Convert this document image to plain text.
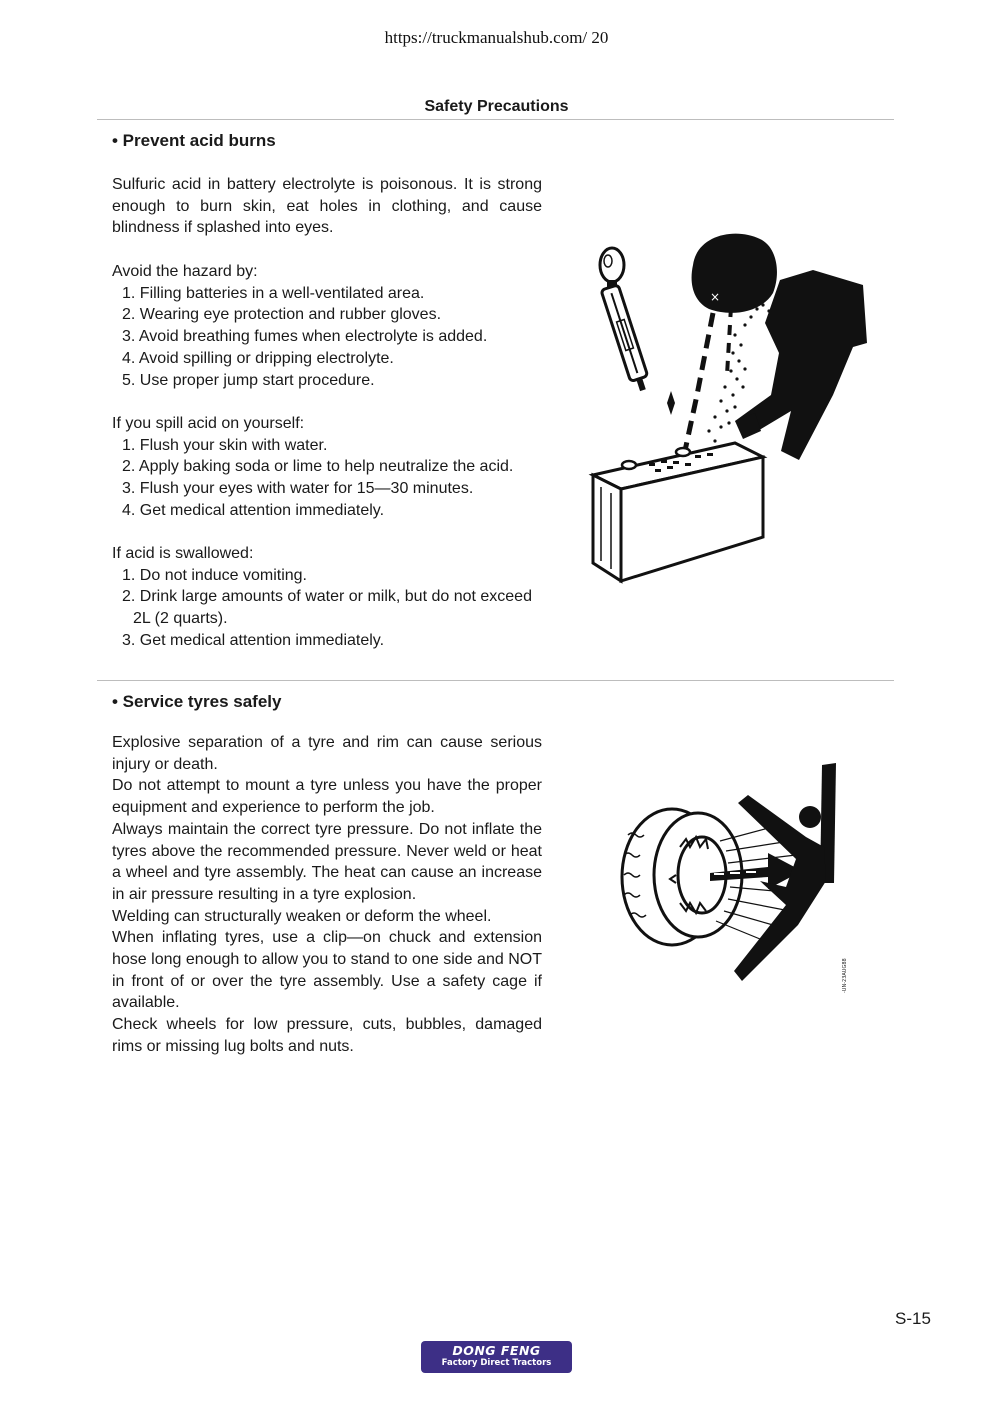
https://truckmanualshub.com/ 20
Safety Precautions
• Prevent acid burns

Sulfuric acid in battery electrolyte is poisonous. It is strong enough to burn skin, eat holes in clothing, and cause blindness if splashed into eyes.

Avoid the hazard by:
1. Filling batteries in a well-ventilated area.
2. Wearing eye protection and rubber gloves.
3. Avoid breathing fumes when electrolyte is added.
4. Avoid spilling or dripping electrolyte.
5. Use proper jump start procedure.
If you spill acid on yourself:
1. Flush your skin with water.
2. Apply baking soda or lime to help neutralize the acid.
3. Flush your eyes with water for 15—30 minutes.
4. Get medical attention immediately.
If acid is swallowed:
1. Do not induce vomiting.
2. Drink large amounts of water or milk, but do not exceed 2L (2 quarts).
3. Get medical attention immediately.
×
• Service tyres safely

Explosive separation of a tyre and rim can cause serious injury or death.
Do not attempt to mount a tyre unless you have the proper equipment and experience to perform the job.
Always maintain the correct tyre pressure. Do not inflate the tyres above the recommended pressure. Never weld or heat a wheel and tyre assembly. The heat can cause an increase in air pressure resulting in a tyre explosion.
Welding can structurally weaken or deform the wheel.
When inflating tyres, use a clip—on chuck and extension hose long enough to allow you to stand to one side and NOT in front of or over the tyre assembly. Use a safety cage if available.
Check wheels for low pressure, cuts, bubbles, damaged rims or missing lug bolts and nuts.

-UN-23AUG88
S-15
DONG FENG
Factory Direct Tractors
